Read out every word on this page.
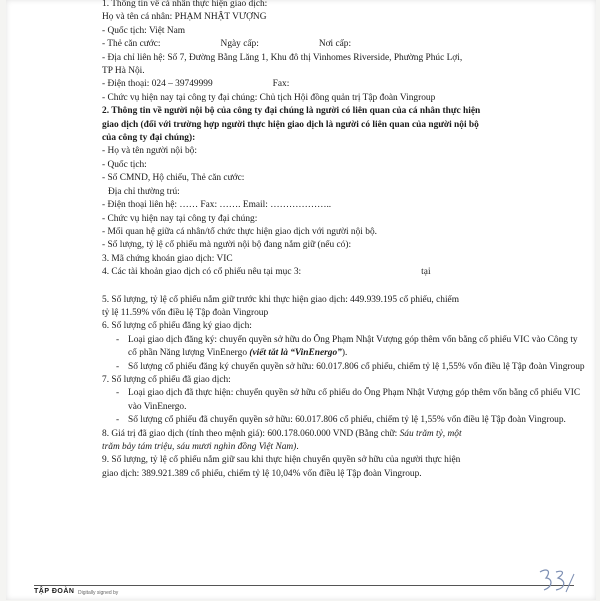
1. Thông tin về cá nhân thực hiện giao dịch:
Họ và tên cá nhân: PHẠM NHẬT VƯỢNG
- Quốc tịch: Việt Nam
- Thẻ căn cước:	Ngày cấp:	Nơi cấp:
- Địa chỉ liên hệ: Số 7, Đường Bằng Lăng 1, Khu đô thị Vinhomes Riverside, Phường Phúc Lợi,
TP Hà Nội.
- Điện thoại: 024 – 39749999	Fax:
- Chức vụ hiện nay tại công ty đại chúng: Chủ tịch Hội đồng quản trị Tập đoàn Vingroup
2. Thông tin về người nội bộ của công ty đại chúng là người có liên quan của cá nhân thực hiện
giao dịch (đối với trường hợp người thực hiện giao dịch là người có liên quan của người nội bộ
của công ty đại chúng):
- Họ và tên người nội bộ:
- Quốc tịch:
- Số CMND, Hộ chiếu, Thẻ căn cước:
Địa chỉ thường trú:
- Điện thoại liên hệ: …… Fax: ……. Email: ………………..
- Chức vụ hiện nay tại công ty đại chúng:
- Mối quan hệ giữa cá nhân/tổ chức thực hiện giao dịch với người nội bộ.
- Số lượng, tỷ lệ cổ phiếu mà người nội bộ đang nắm giữ (nếu có):
3. Mã chứng khoán giao dịch: VIC
4. Các tài khoản giao dịch có cổ phiếu nêu tại mục 3:	tại
5. Số lượng, tỷ lệ cổ phiếu nắm giữ trước khi thực hiện giao dịch: 449.939.195 cổ phiếu, chiếm
tỷ lệ 11.59% vốn điều lệ Tập đoàn Vingroup
6. Số lượng cổ phiếu đăng ký giao dịch:
- Loại giao dịch đăng ký: chuyển quyền sở hữu do Ông Phạm Nhật Vượng góp thêm vốn bằng cổ phiếu VIC vào Công ty cổ phần Năng lượng VinEnergo (viết tắt là “VinEnergo”).
- Số lượng cổ phiếu đăng ký chuyển quyền sở hữu: 60.017.806 cổ phiếu, chiếm tỷ lệ 1,55% vốn điều lệ Tập đoàn Vingroup
7. Số lượng cổ phiếu đã giao dịch:
- Loại giao dịch đã thực hiện: chuyển quyền sở hữu cổ phiếu do Ông Phạm Nhật Vượng góp thêm vốn bằng cổ phiếu VIC vào VinEnergo.
- Số lượng cổ phiếu đã chuyển quyền sở hữu: 60.017.806 cổ phiếu, chiếm tỷ lệ 1,55% vốn điều lệ Tập đoàn Vingroup.
8. Giá trị đã giao dịch (tính theo mệnh giá): 600.178.060.000 VND (Bằng chữ: Sáu trăm tỷ, một
trăm bảy tám triệu, sáu mươi nghìn đồng Việt Nam).
9. Số lượng, tỷ lệ cổ phiếu nắm giữ sau khi thực hiện chuyển quyền sở hữu của người thực hiện
giao dịch: 389.921.389 cổ phiếu, chiếm tỷ lệ 10,04% vốn điều lệ Tập đoàn Vingroup.
TẬP ĐOÀN Digitally signed by
